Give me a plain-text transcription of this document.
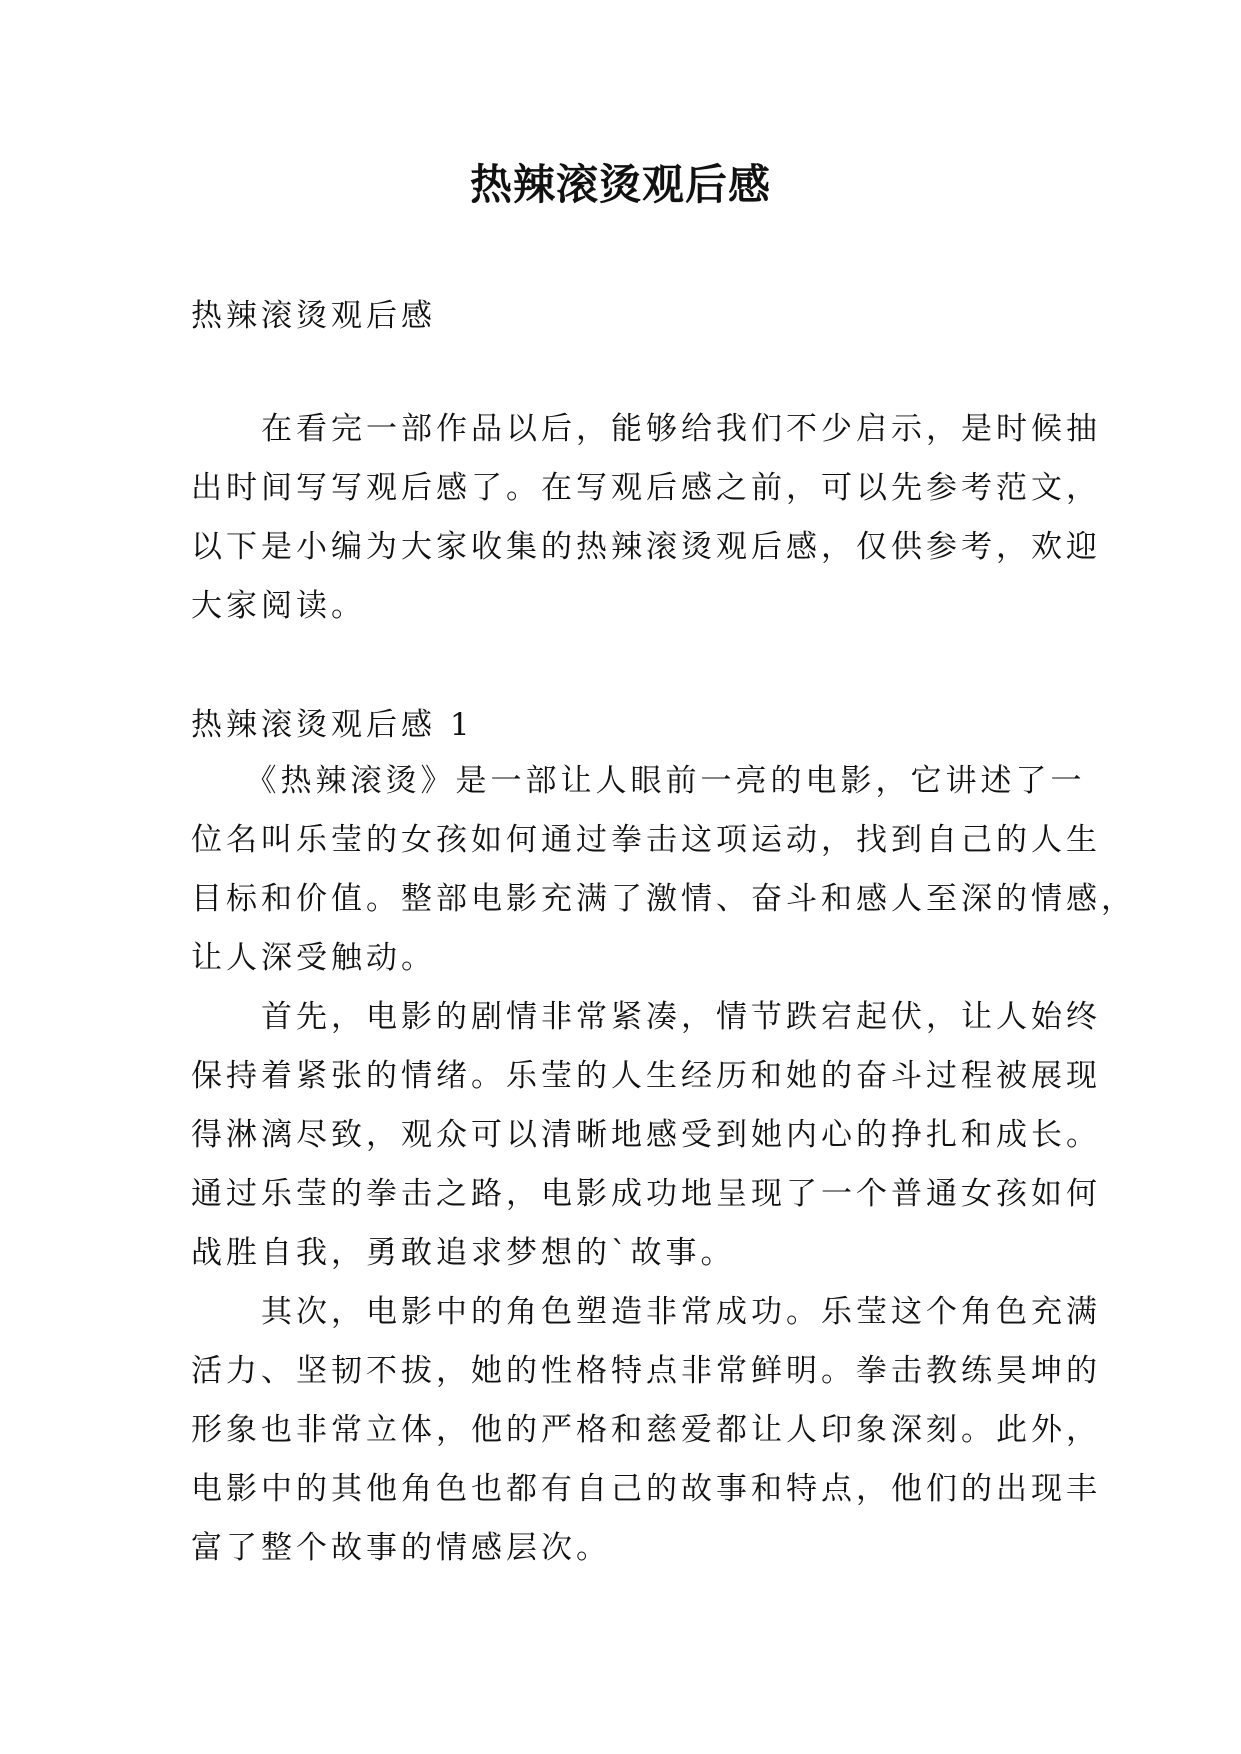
热辣滚烫观后感

热辣滚烫观后感

　　在看完一部作品以后，能够给我们不少启示，是时候抽
出时间写写观后感了。在写观后感之前，可以先参考范文，
以下是小编为大家收集的热辣滚烫观后感，仅供参考，欢迎
大家阅读。

热辣滚烫观后感 1

　　《热辣滚烫》是一部让人眼前一亮的电影，它讲述了一
位名叫乐莹的女孩如何通过拳击这项运动，找到自己的人生
目标和价值。整部电影充满了激情、奋斗和感人至深的情感，
让人深受触动。
　　首先，电影的剧情非常紧凑，情节跌宕起伏，让人始终
保持着紧张的情绪。乐莹的人生经历和她的奋斗过程被展现
得淋漓尽致，观众可以清晰地感受到她内心的挣扎和成长。
通过乐莹的拳击之路，电影成功地呈现了一个普通女孩如何
战胜自我，勇敢追求梦想的`故事。
　　其次，电影中的角色塑造非常成功。乐莹这个角色充满
活力、坚韧不拔，她的性格特点非常鲜明。拳击教练昊坤的
形象也非常立体，他的严格和慈爱都让人印象深刻。此外，
电影中的其他角色也都有自己的故事和特点，他们的出现丰
富了整个故事的情感层次。
